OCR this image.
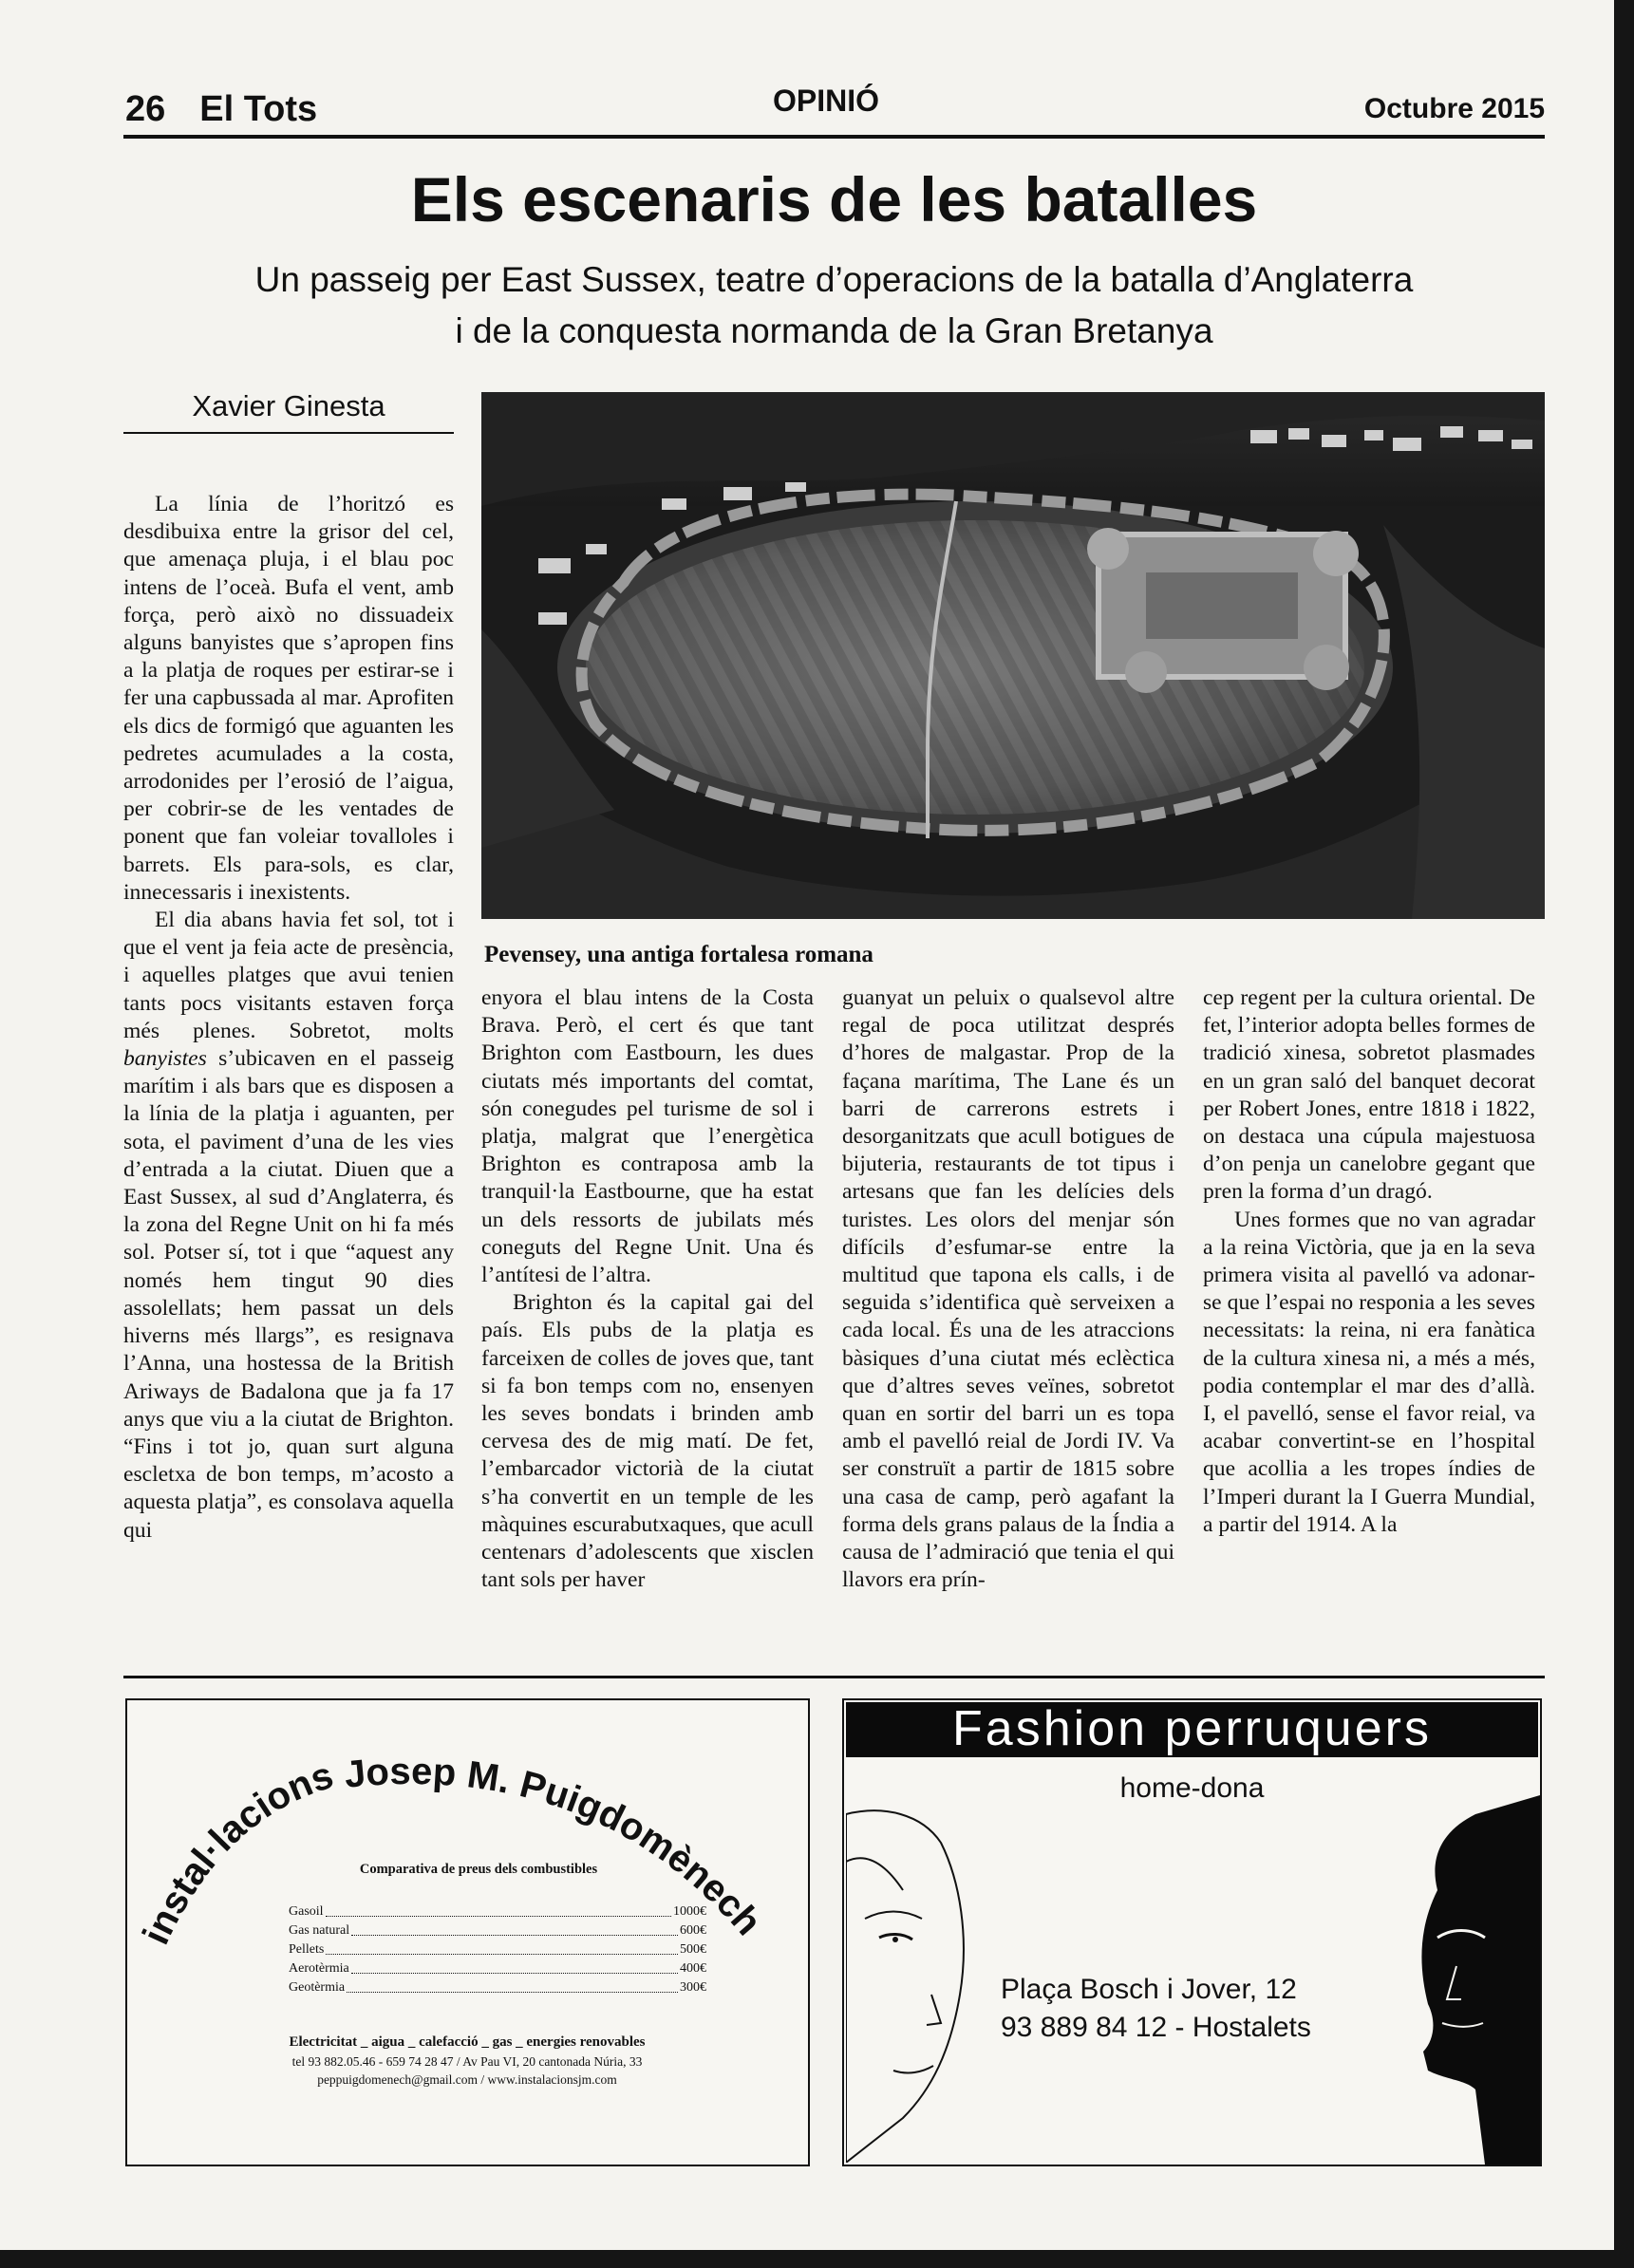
26 El Tots	OPINIÓ	Octubre 2015
Els escenaris de les batalles
Un passeig per East Sussex, teatre d’operacions de la batalla d’Anglaterra
i de la conquesta normanda de la Gran Bretanya
Xavier Ginesta
Pevensey, una antiga fortalesa romana

La línia de l’horitzó es desdibuixa entre la grisor del cel, que amenaça pluja, i el blau poc intens de l’oceà. Bufa el vent, amb força, però això no dissuadeix alguns banyistes que s’apropen fins a la platja de roques per estirar-se i fer una capbussada al mar. Aprofiten els dics de formigó que aguanten les pedretes acumulades a la costa, arrodonides per l’erosió de l’aigua, per cobrir-se de les ventades de ponent que fan voleiar tovalloles i barrets. Els para-sols, es clar, innecessaris i inexistents.

El dia abans havia fet sol, tot i que el vent ja feia acte de presència, i aquelles platges que avui tenien tants pocs visitants estaven força més plenes. Sobretot, molts banyistes s’ubicaven en el passeig marítim i als bars que es disposen a la línia de la platja i aguanten, per sota, el paviment d’una de les vies d’entrada a la ciutat. Diuen que a East Sussex, al sud d’Anglaterra, és la zona del Regne Unit on hi fa més sol. Potser sí, tot i que “aquest any només hem tingut 90 dies assolellats; hem passat un dels hiverns més llargs”, es resignava l’Anna, una hostessa de la British Ariways de Badalona que ja fa 17 anys que viu a la ciutat de Brighton. “Fins i tot jo, quan surt alguna escletxa de bon temps, m’acosto a aquesta platja”, es consolava aquella qui

enyora el blau intens de la Costa Brava. Però, el cert és que tant Brighton com Eastbourn, les dues ciutats més importants del comtat, són conegudes pel turisme de sol i platja, malgrat que l’energètica Brighton es contraposa amb la tranquil·la Eastbourne, que ha estat un dels ressorts de jubilats més coneguts del Regne Unit. Una és l’antítesi de l’altra.

Brighton és la capital gai del país. Els pubs de la platja es farceixen de colles de joves que, tant si fa bon temps com no, ensenyen les seves bondats i brinden amb cervesa des de mig matí. De fet, l’embarcador victorià de la ciutat s’ha convertit en un temple de les màquines escurabutxaques, que acull centenars d’adolescents que xisclen tant sols per haver

guanyat un peluix o qualsevol altre regal de poca utilitzat després d’hores de malgastar. Prop de la façana marítima, The Lane és un barri de carrerons estrets i desorganitzats que acull botigues de bijuteria, restaurants de tot tipus i artesans que fan les delícies dels turistes. Les olors del menjar són difícils d’esfumar-se entre la multitud que tapona els calls, i de seguida s’identifica què serveixen a cada local. És una de les atraccions bàsiques d’una ciutat més eclèctica que d’altres seves veïnes, sobretot quan en sortir del barri un es topa amb el pavelló reial de Jordi IV. Va ser construït a partir de 1815 sobre una casa de camp, però agafant la forma dels grans palaus de la Índia a causa de l’admiració que tenia el qui llavors era prín-

cep regent per la cultura oriental. De fet, l’interior adopta belles formes de tradició xinesa, sobretot plasmades en un gran saló del banquet decorat per Robert Jones, entre 1818 i 1822, on destaca una cúpula majestuosa d’on penja un canelobre gegant que pren la forma d’un dragó.

Unes formes que no van agradar a la reina Victòria, que ja en la seva primera visita al pavelló va adonar-se que l’espai no responia a les seves necessitats: la reina, ni era fanàtica de la cultura xinesa ni, a més a més, podia contemplar el mar des d’allà. I, el pavelló, sense el favor reial, va acabar convertint-se en l’hospital que acollia a les tropes índies de l’Imperi durant la I Guerra Mundial, a partir del 1914. A la

instal·lacions Josep M. Puigdomènech
Comparativa de preus dels combustibles
Gasoil	1000€
Gas natural	600€
Pellets	500€
Aerotèrmia	400€
Geotèrmia	300€
Electricitat _ aigua _ calefacció _ gas _ energies renovables
tel 93 882.05.46 - 659 74 28 47 / Av Pau VI, 20 cantonada Núria, 33
peppuigdomenech@gmail.com / www.instalacionsjm.com
Fashion perruquers
home-dona
Plaça Bosch i Jover, 12
93 889 84 12 - Hostalets
